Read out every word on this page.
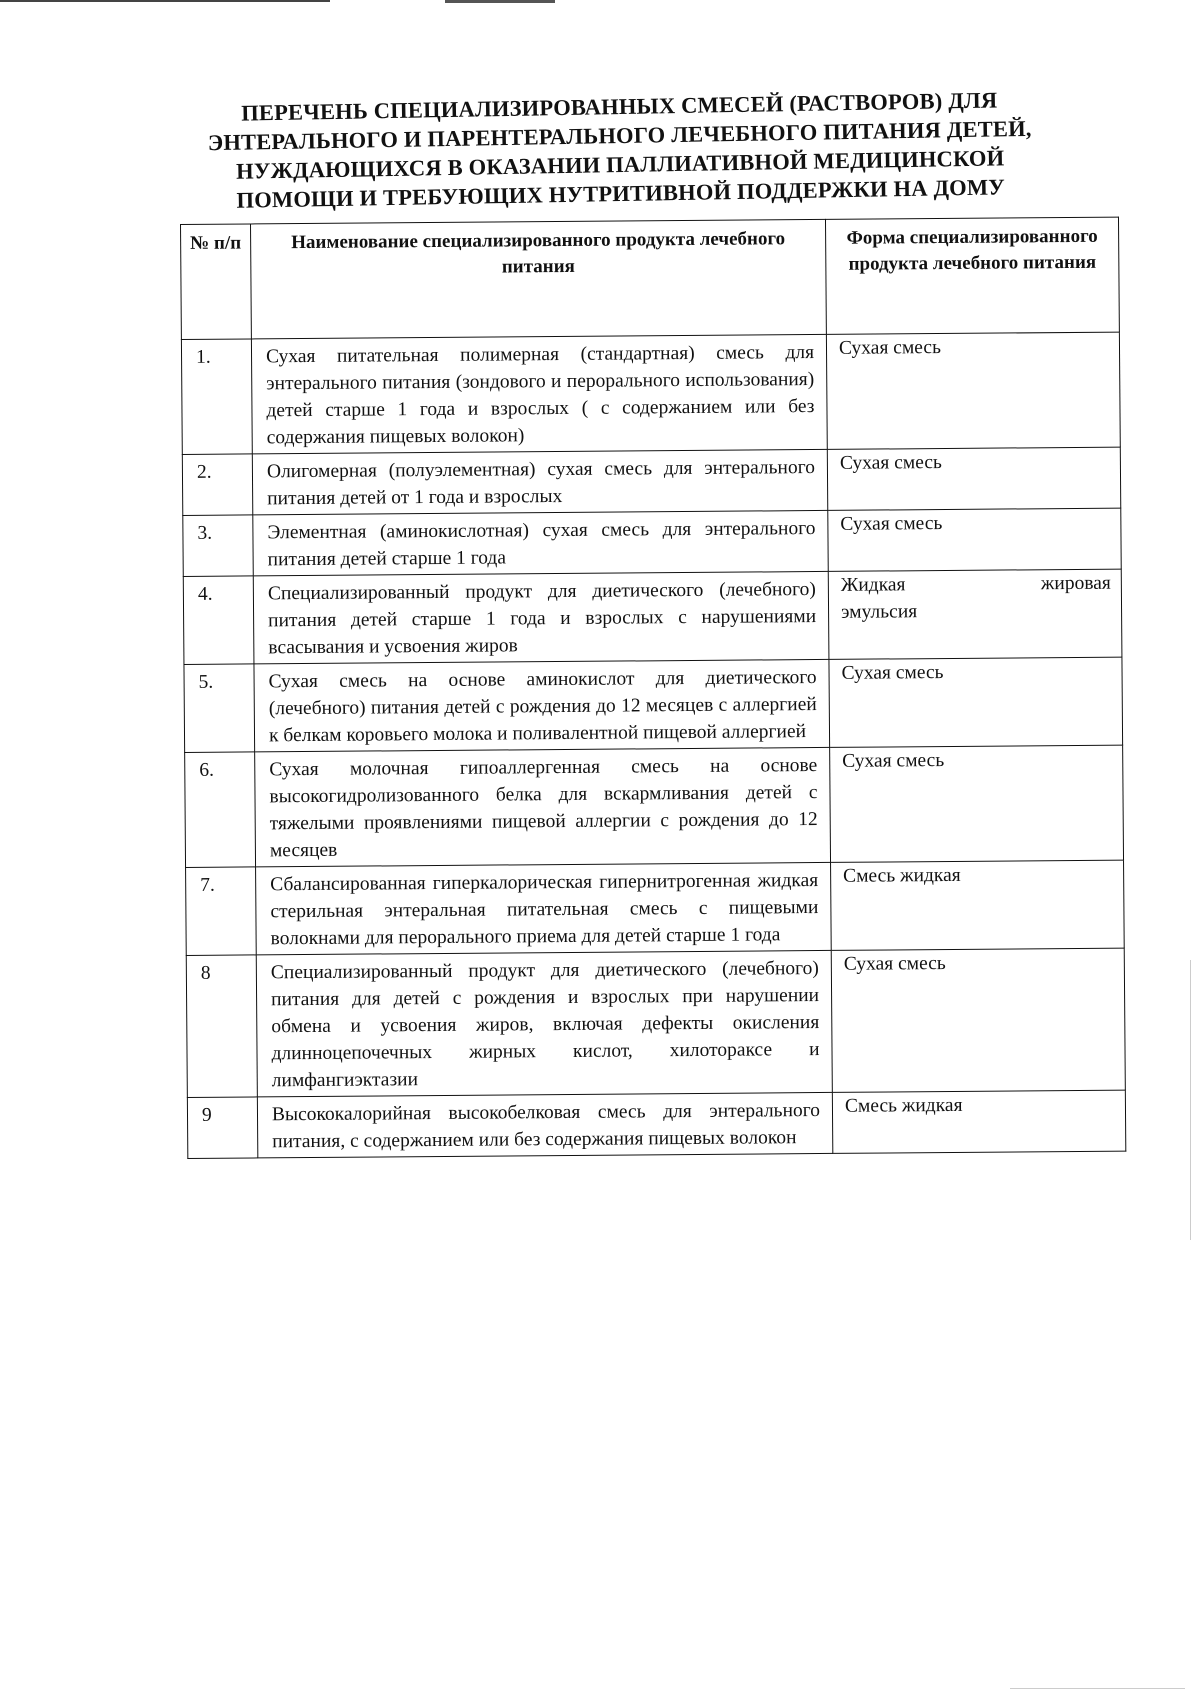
ПЕРЕЧЕНЬ СПЕЦИАЛИЗИРОВАННЫХ СМЕСЕЙ (РАСТВОРОВ) ДЛЯ
ЭНТЕРАЛЬНОГО И ПАРЕНТЕРАЛЬНОГО ЛЕЧЕБНОГО ПИТАНИЯ ДЕТЕЙ,
НУЖДАЮЩИХСЯ В ОКАЗАНИИ ПАЛЛИАТИВНОЙ МЕДИЦИНСКОЙ
ПОМОЩИ И ТРЕБУЮЩИХ НУТРИТИВНОЙ ПОДДЕРЖКИ НА ДОМУ
№ п/п	Наименование специализированного продукта лечебного питания	Форма специализированного продукта лечебного питания
1.	Сухая питательная полимерная (стандартная) смесь для энтерального питания (зондового и перорального использования) детей старше 1 года и взрослых ( с содержанием или без содержания пищевых волокон)	Сухая смесь
2.	Олигомерная (полуэлементная) сухая смесь для энтерального питания детей от 1 года и взрослых	Сухая смесь
3.	Элементная (аминокислотная) сухая смесь для энтерального питания детей старше 1 года	Сухая смесь
4.	Специализированный продукт для диетического (лечебного) питания детей старше 1 года и взрослых с нарушениями всасывания и усвоения жиров	Жидкая жировая
эмульсия

5.	Сухая смесь на основе аминокислот для диетического (лечебного) питания детей с рождения до 12 месяцев с аллергией к белкам коровьего молока и поливалентной пищевой аллергией	Сухая смесь
6.	Сухая молочная гипоаллергенная смесь на основе высокогидролизованного белка для вскармливания детей с тяжелыми проявлениями пищевой аллергии с рождения до 12 месяцев	Сухая смесь
7.	Сбалансированная гиперкалорическая гипернитрогенная жидкая стерильная энтеральная питательная смесь с пищевыми волокнами для перорального приема для детей старше 1 года	Смесь жидкая
8	Специализированный продукт для диетического (лечебного) питания для детей с рождения и взрослых при нарушении обмена и усвоения жиров, включая дефекты окисления длинноцепочечных жирных кислот, хилотораксе и лимфангиэктазии	Сухая смесь
9	Высококалорийная высокобелковая смесь для энтерального питания, с содержанием или без содержания пищевых волокон	Смесь жидкая
